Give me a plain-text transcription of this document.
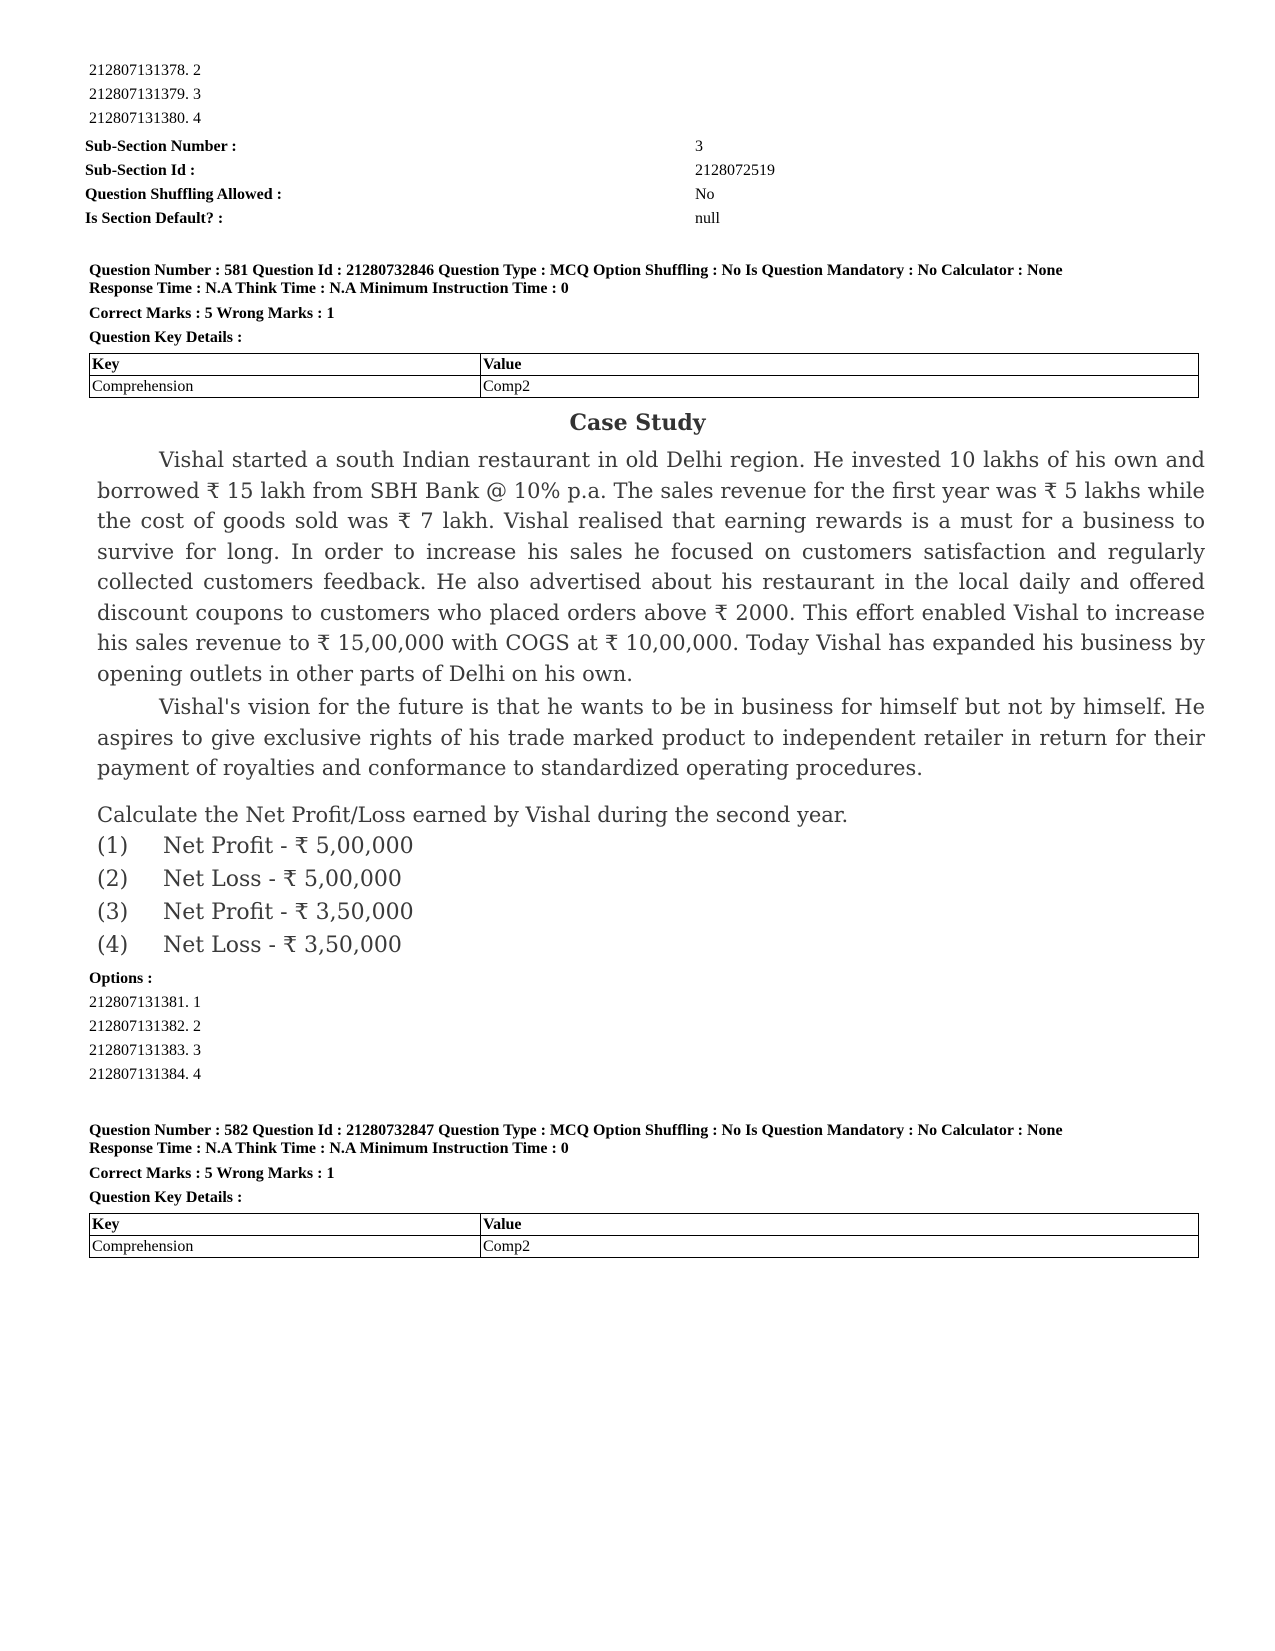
212807131378. 2
212807131379. 3
212807131380. 4
Sub-Section Number :	3
Sub-Section Id :	2128072519
Question Shuffling Allowed :	No
Is Section Default? :	null
Question Number : 581 Question Id : 21280732846 Question Type : MCQ Option Shuffling : No Is Question Mandatory : No Calculator : None
Response Time : N.A Think Time : N.A Minimum Instruction Time : 0
Correct Marks : 5 Wrong Marks : 1
Question Key Details :
Key	Value
Comprehension	Comp2
Case Study

Vishal started a south Indian restaurant in old Delhi region. He invested 10 lakhs of his own and borrowed ₹ 15 lakh from SBH Bank @ 10% p.a. The sales revenue for the first year was ₹ 5 lakhs while the cost of goods sold was ₹ 7 lakh. Vishal realised that earning rewards is a must for a business to survive for long. In order to increase his sales he focused on customers satisfaction and regularly collected customers feedback. He also advertised about his restaurant in the local daily and offered discount coupons to customers who placed orders above ₹ 2000. This effort enabled Vishal to increase his sales revenue to ₹ 15,00,000 with COGS at ₹ 10,00,000. Today Vishal has expanded his business by opening outlets in other parts of Delhi on his own.

Vishal's vision for the future is that he wants to be in business for himself but not by himself. He aspires to give exclusive rights of his trade marked product to independent retailer in return for their payment of royalties and conformance to standardized operating procedures.

Calculate the Net Profit/Loss earned by Vishal during the second year.
(1) Net Profit - ₹ 5,00,000
(2) Net Loss - ₹ 5,00,000
(3) Net Profit - ₹ 3,50,000
(4) Net Loss - ₹ 3,50,000
Options :
212807131381. 1
212807131382. 2
212807131383. 3
212807131384. 4
Question Number : 582 Question Id : 21280732847 Question Type : MCQ Option Shuffling : No Is Question Mandatory : No Calculator : None
Response Time : N.A Think Time : N.A Minimum Instruction Time : 0
Correct Marks : 5 Wrong Marks : 1
Question Key Details :
Key	Value
Comprehension	Comp2
